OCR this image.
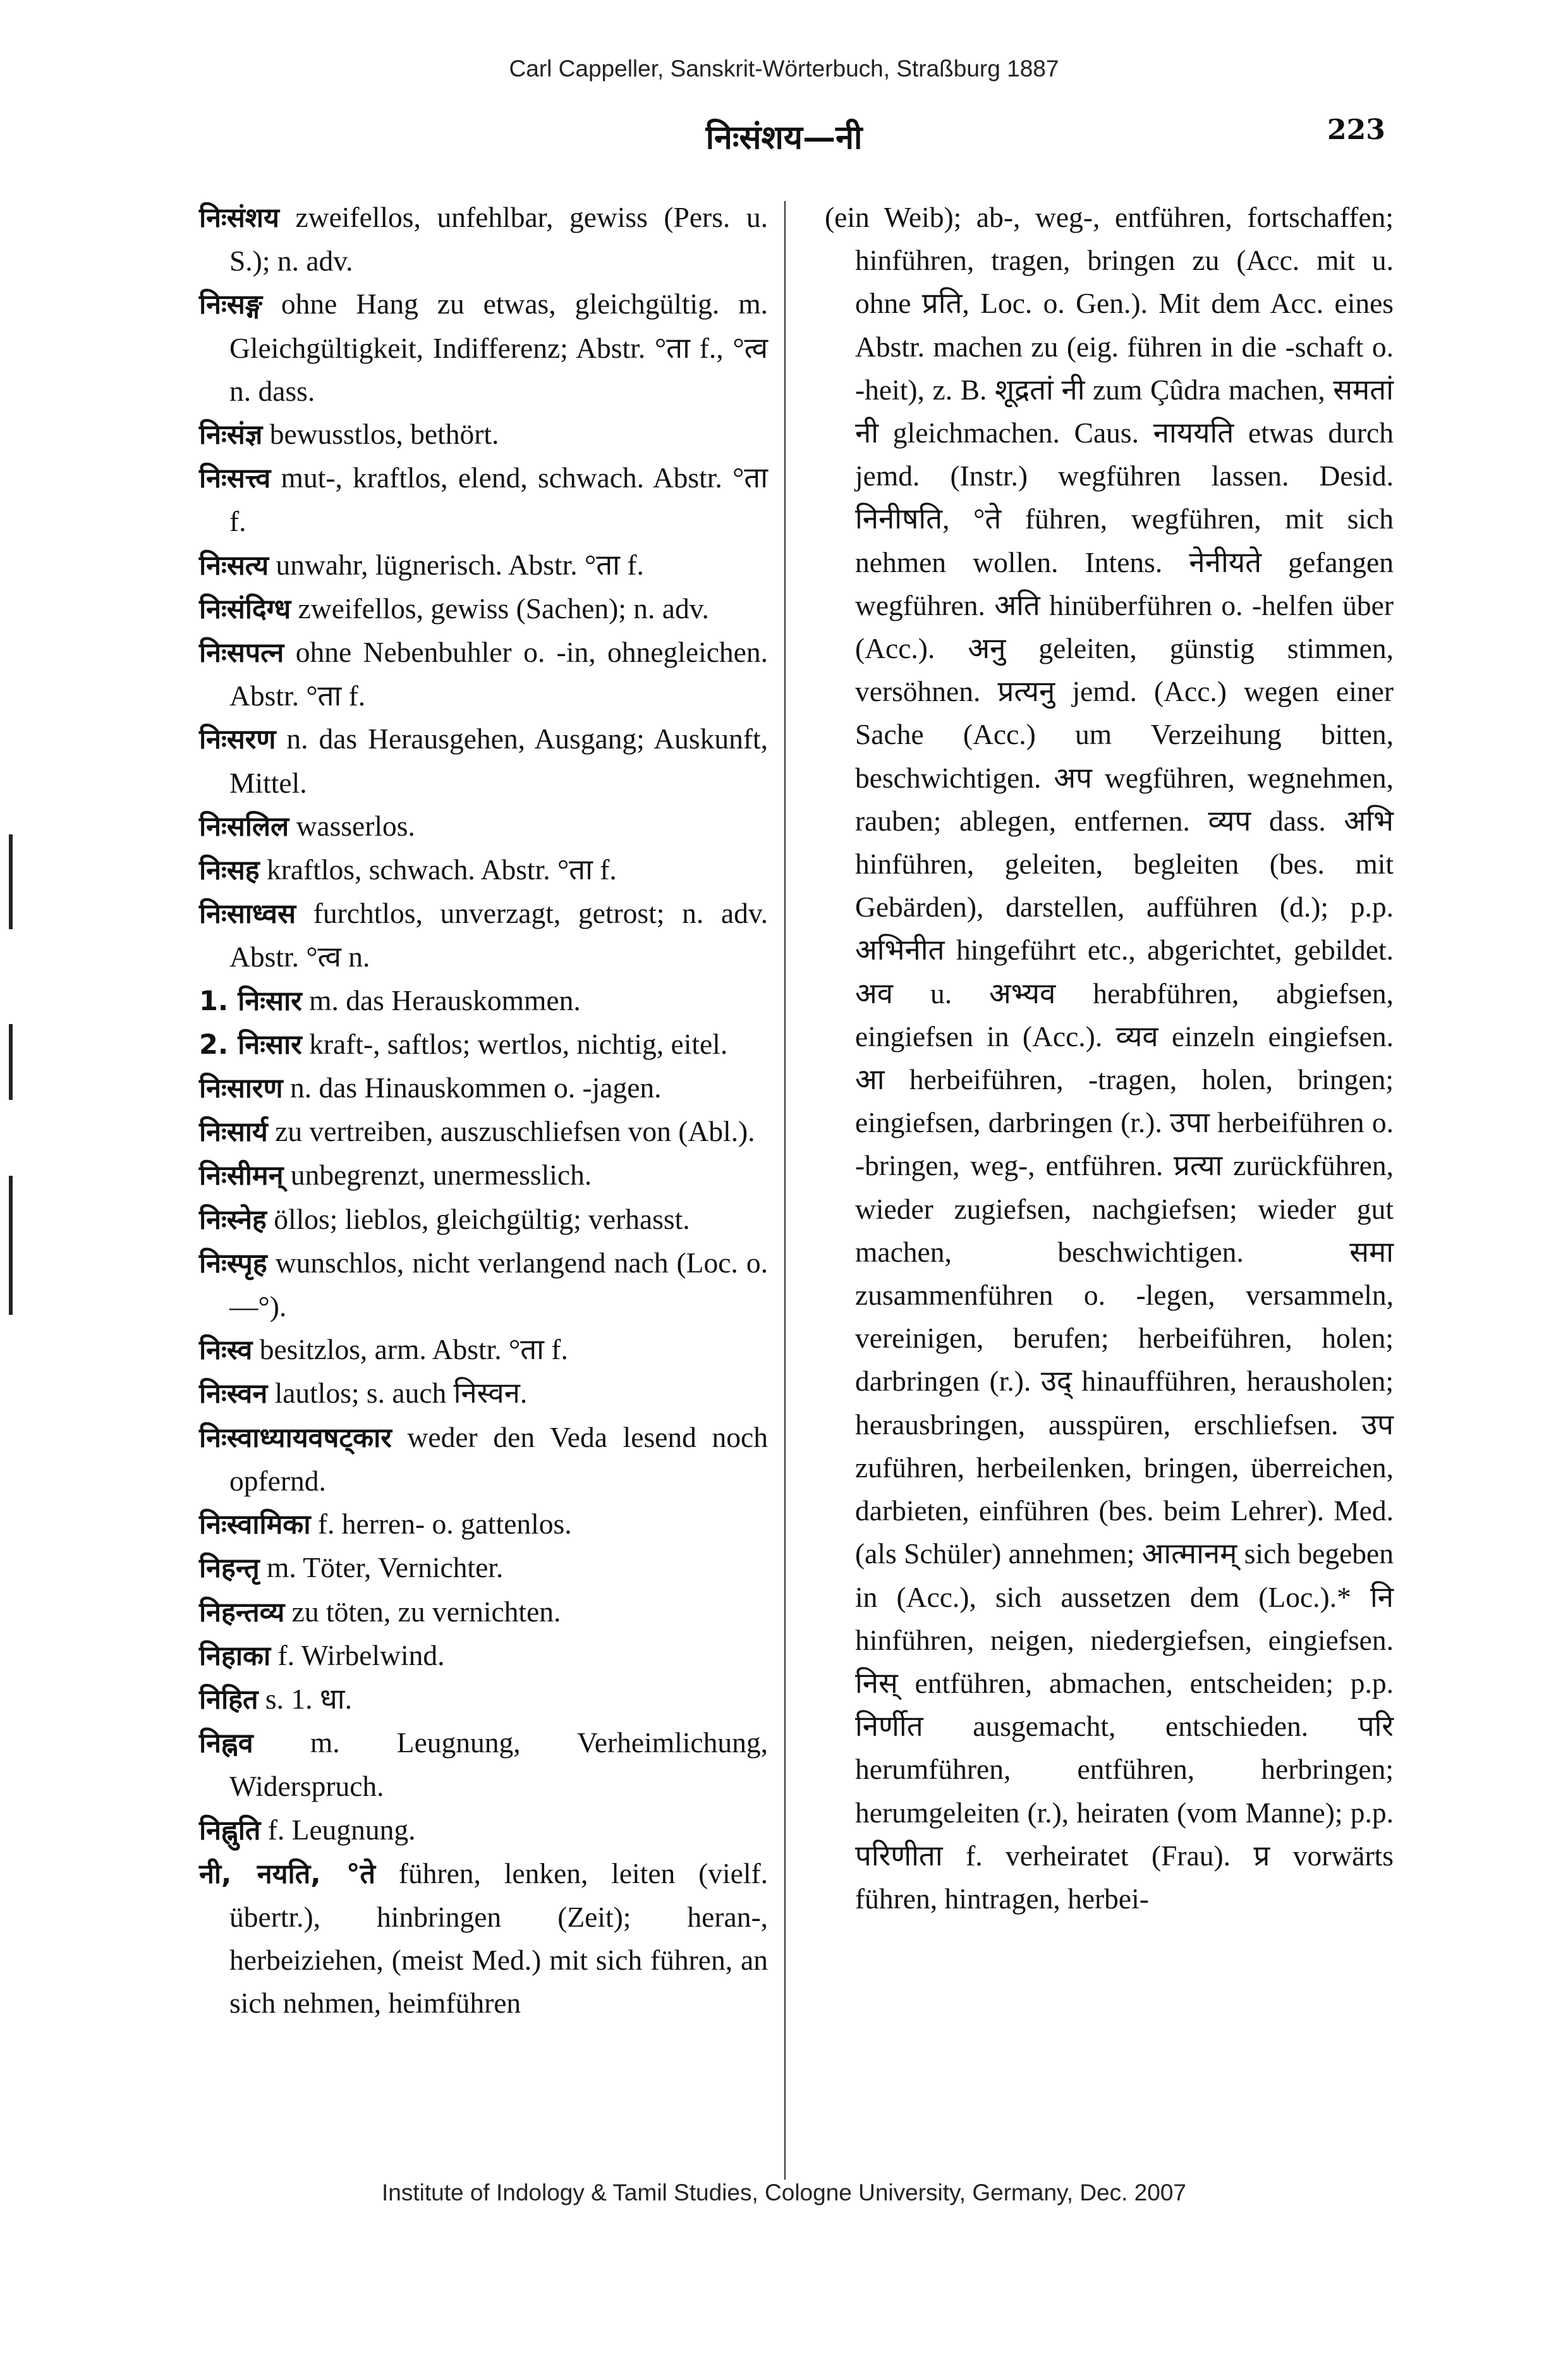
Carl Cappeller, Sanskrit-Wörterbuch, Straßburg 1887
निःसंशय—नी	223

निःसंशय zweifellos, unfehlbar, gewiss (Pers. u. S.); n. adv.

निःसङ्ग ohne Hang zu etwas, gleichgültig. m. Gleichgültigkeit, Indifferenz; Abstr. °ता f., °त्व n. dass.

निःसंज्ञ bewusstlos, bethört.

निःसत्त्व mut-, kraftlos, elend, schwach. Abstr. °ता f.

निःसत्य unwahr, lügnerisch. Abstr. °ता f.

निःसंदिग्ध zweifellos, gewiss (Sachen); n. adv.

निःसपत्न ohne Nebenbuhler o. -in, ohnegleichen. Abstr. °ता f.

निःसरण n. das Herausgehen, Ausgang; Auskunft, Mittel.

निःसलिल wasserlos.

निःसह kraftlos, schwach. Abstr. °ता f.

निःसाध्वस furchtlos, unverzagt, getrost; n. adv. Abstr. °त्व n.

1. निःसार m. das Herauskommen.

2. निःसार kraft-, saftlos; wertlos, nichtig, eitel.

निःसारण n. das Hinauskommen o. -jagen.

निःसार्य zu vertreiben, auszuschliefsen von (Abl.).

निःसीमन् unbegrenzt, unermesslich.

निःस्नेह öllos; lieblos, gleichgültig; verhasst.

निःस्पृह wunschlos, nicht verlangend nach (Loc. o. —°).

निःस्व besitzlos, arm. Abstr. °ता f.

निःस्वन lautlos; s. auch निस्वन.

निःस्वाध्यायवषट्कार weder den Veda lesend noch opfernd.

निःस्वामिका f. herren- o. gattenlos.

निहन्तृ m. Töter, Vernichter.

निहन्तव्य zu töten, zu vernichten.

निहाका f. Wirbelwind.

निहित s. 1. धा.

निह्नव m. Leugnung, Verheimlichung, Widerspruch.

निह्नुति f. Leugnung.

नी, नयति, °ते führen, lenken, leiten (vielf. übertr.), hinbringen (Zeit); heran-, herbeiziehen, (meist Med.) mit sich führen, an sich nehmen, heimführen

(ein Weib); ab-, weg-, entführen, fortschaffen; hinführen, tragen, bringen zu (Acc. mit u. ohne प्रति, Loc. o. Gen.). Mit dem Acc. eines Abstr. machen zu (eig. führen in die -schaft o. -heit), z. B. शूद्रतां नी zum Çûdra machen, समतां नी gleichmachen. Caus. नाययति etwas durch jemd. (Instr.) wegführen lassen. Desid. निनीषति, °ते führen, wegführen, mit sich nehmen wollen. Intens. नेनीयते gefangen wegführen. अति hinüberführen o. -helfen über (Acc.). अनु geleiten, günstig stimmen, versöhnen. प्रत्यनु jemd. (Acc.) wegen einer Sache (Acc.) um Verzeihung bitten, beschwichtigen. अप wegführen, wegnehmen, rauben; ablegen, entfernen. व्यप dass. अभि hinführen, geleiten, begleiten (bes. mit Gebärden), darstellen, aufführen (d.); p.p. अभिनीत hingeführt etc., abgerichtet, gebildet. अव u. अभ्यव herabführen, abgiefsen, eingiefsen in (Acc.). व्यव einzeln eingiefsen. आ herbeiführen, -tragen, holen, bringen; eingiefsen, darbringen (r.). उपा herbeiführen o. -bringen, weg-, entführen. प्रत्या zurückführen, wieder zugiefsen, nachgiefsen; wieder gut machen, beschwichtigen. समा zusammenführen o. -legen, versammeln, vereinigen, berufen; herbeiführen, holen; darbringen (r.). उद् hinaufführen, herausholen; herausbringen, ausspüren, erschliefsen. उप zuführen, herbeilenken, bringen, überreichen, darbieten, einführen (bes. beim Lehrer). Med. (als Schüler) annehmen; आत्मानम् sich begeben in (Acc.), sich aussetzen dem (Loc.).* नि hinführen, neigen, niedergiefsen, eingiefsen. निस् entführen, abmachen, entscheiden; p.p. निर्णीत ausgemacht, entschieden. परि herumführen, entführen, herbringen; herumgeleiten (r.), heiraten (vom Manne); p.p. परिणीता f. verheiratet (Frau). प्र vorwärts führen, hintragen, herbei-

Institute of Indology & Tamil Studies, Cologne University, Germany, Dec. 2007
